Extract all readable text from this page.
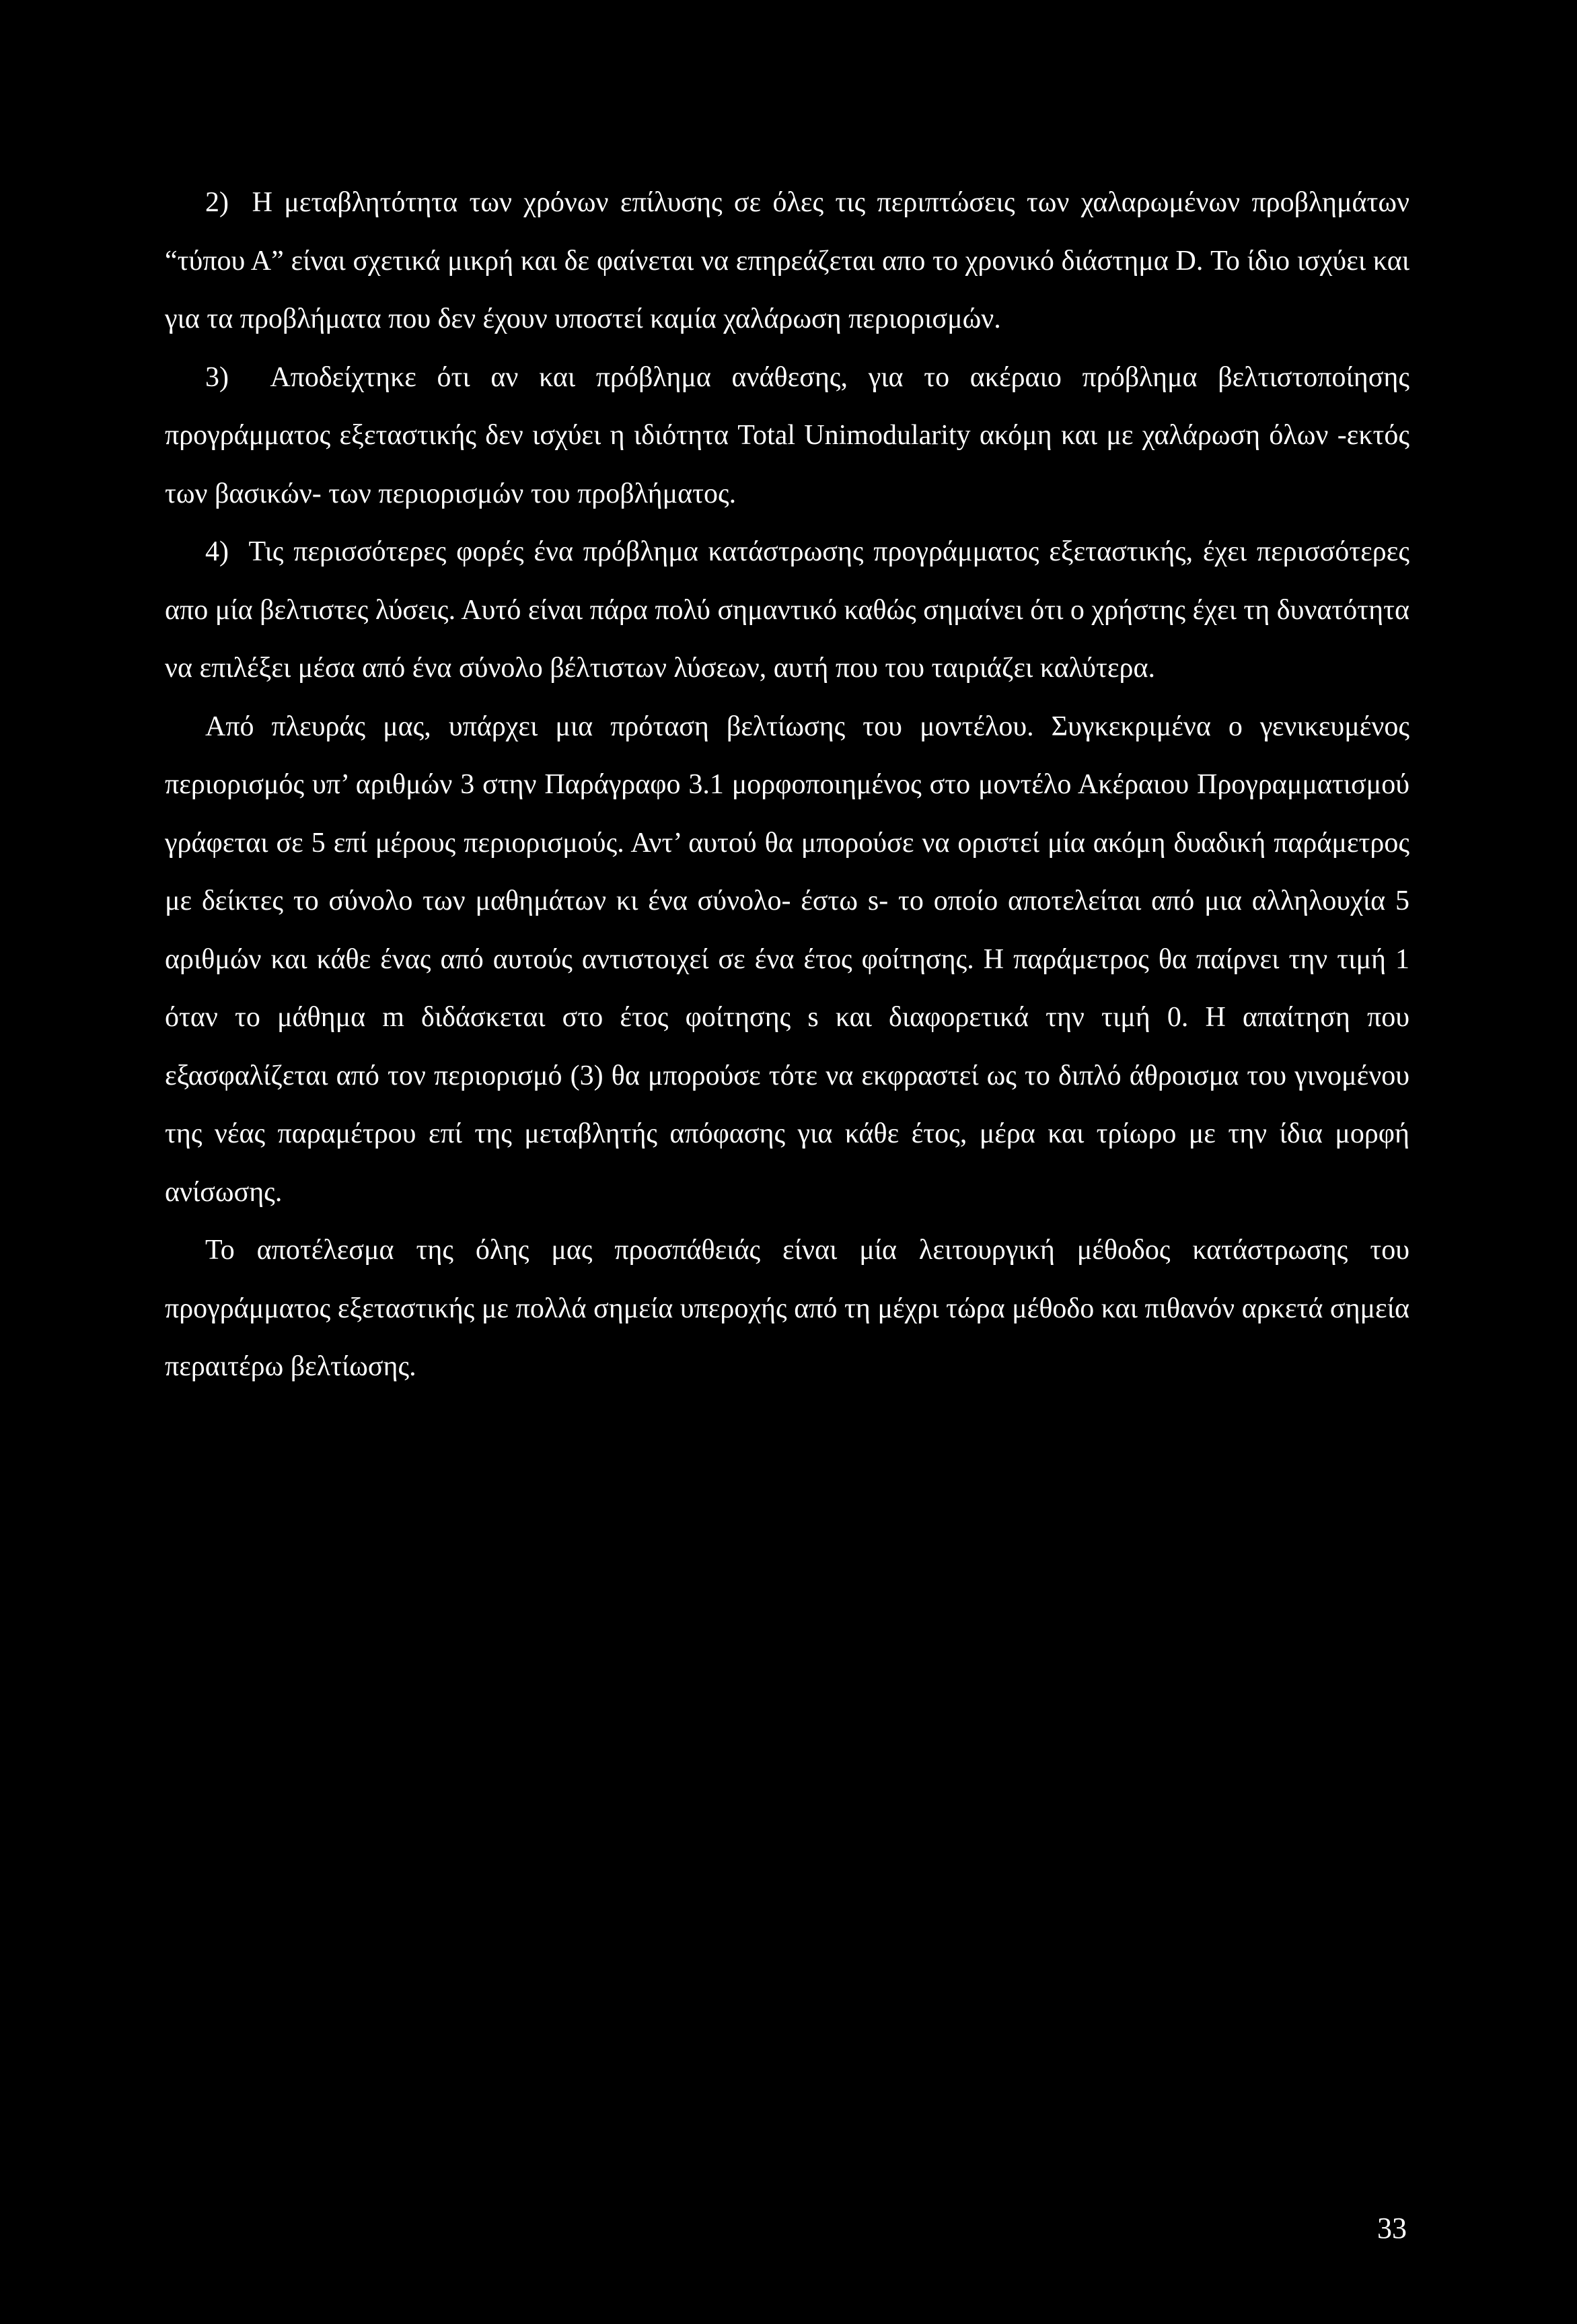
2)  Η μεταβλητότητα των χρόνων επίλυσης σε όλες τις περιπτώσεις των χαλαρωμένων προβλημάτων “τύπου Α” είναι σχετικά μικρή και δε φαίνεται να επηρεάζεται απο το χρονικό διάστημα D. Το ίδιο ισχύει και για τα προβλήματα που δεν έχουν υποστεί καμία χαλάρωση περιορισμών.

3)  Αποδείχτηκε ότι αν και πρόβλημα ανάθεσης, για το ακέραιο πρόβλημα βελτιστοποίησης προγράμματος εξεταστικής δεν ισχύει η ιδιότητα Total Unimodularity ακόμη και με χαλάρωση όλων -εκτός των βασικών- των περιορισμών του προβλήματος.

4)  Τις περισσότερες φορές ένα πρόβλημα κατάστρωσης προγράμματος εξεταστικής, έχει περισσότερες απο μία βελτιστες λύσεις. Αυτό είναι πάρα πολύ σημαντικό καθώς σημαίνει ότι ο χρήστης έχει τη δυνατότητα να επιλέξει μέσα από ένα σύνολο βέλτιστων λύσεων, αυτή που του ταιριάζει καλύτερα.

Από πλευράς μας, υπάρχει μια πρόταση βελτίωσης του μοντέλου. Συγκεκριμένα ο γενικευμένος περιορισμός υπ’ αριθμών 3 στην Παράγραφο 3.1 μορφοποιημένος στο μοντέλο Ακέραιου Προγραμματισμού γράφεται σε 5 επί μέρους περιορισμούς. Αντ’ αυτού θα μπορούσε να οριστεί μία ακόμη δυαδική παράμετρος με δείκτες το σύνολο των μαθημάτων κι ένα σύνολο- έστω s- το οποίο αποτελείται από μια αλληλουχία 5 αριθμών και κάθε ένας από αυτούς αντιστοιχεί σε ένα έτος φοίτησης. Η παράμετρος θα παίρνει την τιμή 1 όταν το μάθημα m διδάσκεται στο έτος φοίτησης s και διαφορετικά την τιμή 0. Η απαίτηση που εξασφαλίζεται από τον περιορισμό (3) θα μπορούσε τότε να εκφραστεί ως το διπλό άθροισμα του γινομένου της νέας παραμέτρου επί της μεταβλητής απόφασης για κάθε έτος, μέρα και τρίωρο με την ίδια μορφή ανίσωσης.

Το αποτέλεσμα της όλης μας προσπάθειάς είναι μία λειτουργική μέθοδος κατάστρωσης του προγράμματος εξεταστικής με πολλά σημεία υπεροχής από τη μέχρι τώρα μέθοδο και πιθανόν αρκετά σημεία περαιτέρω βελτίωσης.

33
